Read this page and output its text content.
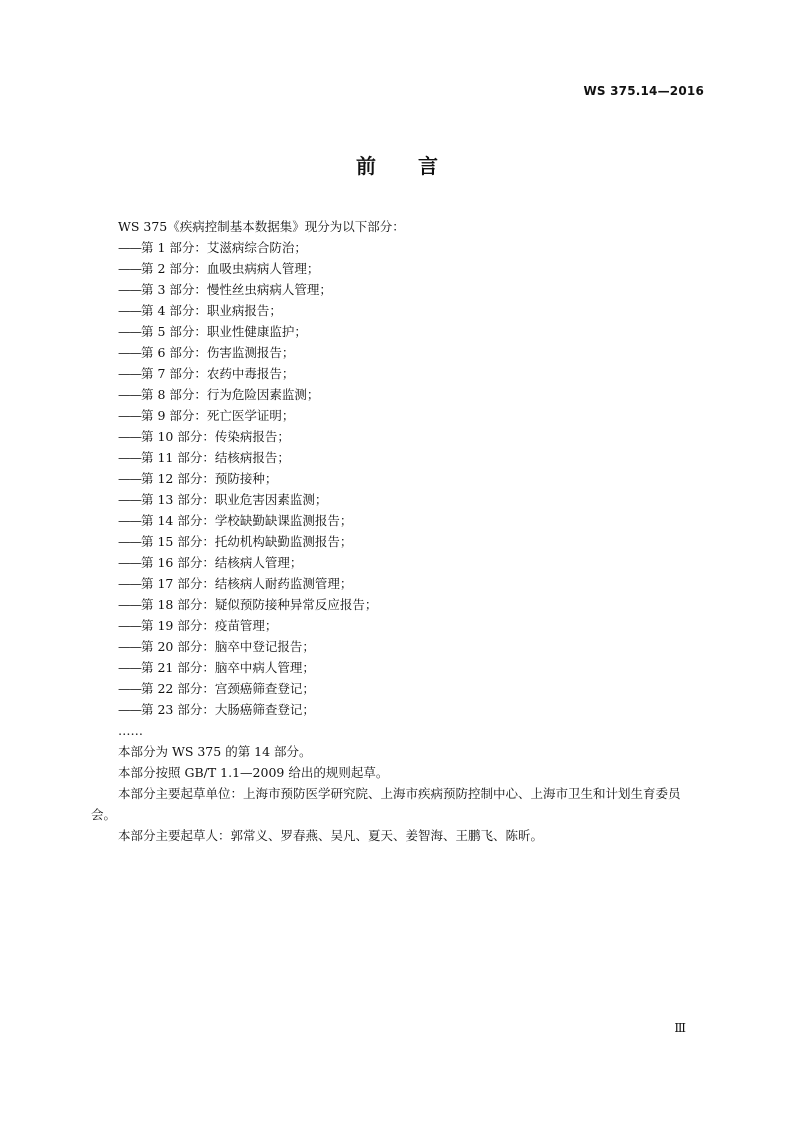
WS 375.14—2016
前 言

WS 375《疾病控制基本数据集》现分为以下部分：

——第 1 部分：艾滋病综合防治；
——第 2 部分：血吸虫病病人管理；
——第 3 部分：慢性丝虫病病人管理；
——第 4 部分：职业病报告；
——第 5 部分：职业性健康监护；
——第 6 部分：伤害监测报告；
——第 7 部分：农药中毒报告；
——第 8 部分：行为危险因素监测；
——第 9 部分：死亡医学证明；
——第 10 部分：传染病报告；
——第 11 部分：结核病报告；
——第 12 部分：预防接种；
——第 13 部分：职业危害因素监测；
——第 14 部分：学校缺勤缺课监测报告；
——第 15 部分：托幼机构缺勤监测报告；
——第 16 部分：结核病人管理；
——第 17 部分：结核病人耐药监测管理；
——第 18 部分：疑似预防接种异常反应报告；
——第 19 部分：疫苗管理；
——第 20 部分：脑卒中登记报告；
——第 21 部分：脑卒中病人管理；
——第 22 部分：宫颈癌筛查登记；
——第 23 部分：大肠癌筛查登记；
……

本部分为 WS 375 的第 14 部分。

本部分按照 GB/T 1.1—2009 给出的规则起草。

本部分主要起草单位：上海市预防医学研究院、上海市疾病预防控制中心、上海市卫生和计划生育委员会。

本部分主要起草人：郭常义、罗春燕、吴凡、夏天、姜智海、王鹏飞、陈昕。

Ⅲ
